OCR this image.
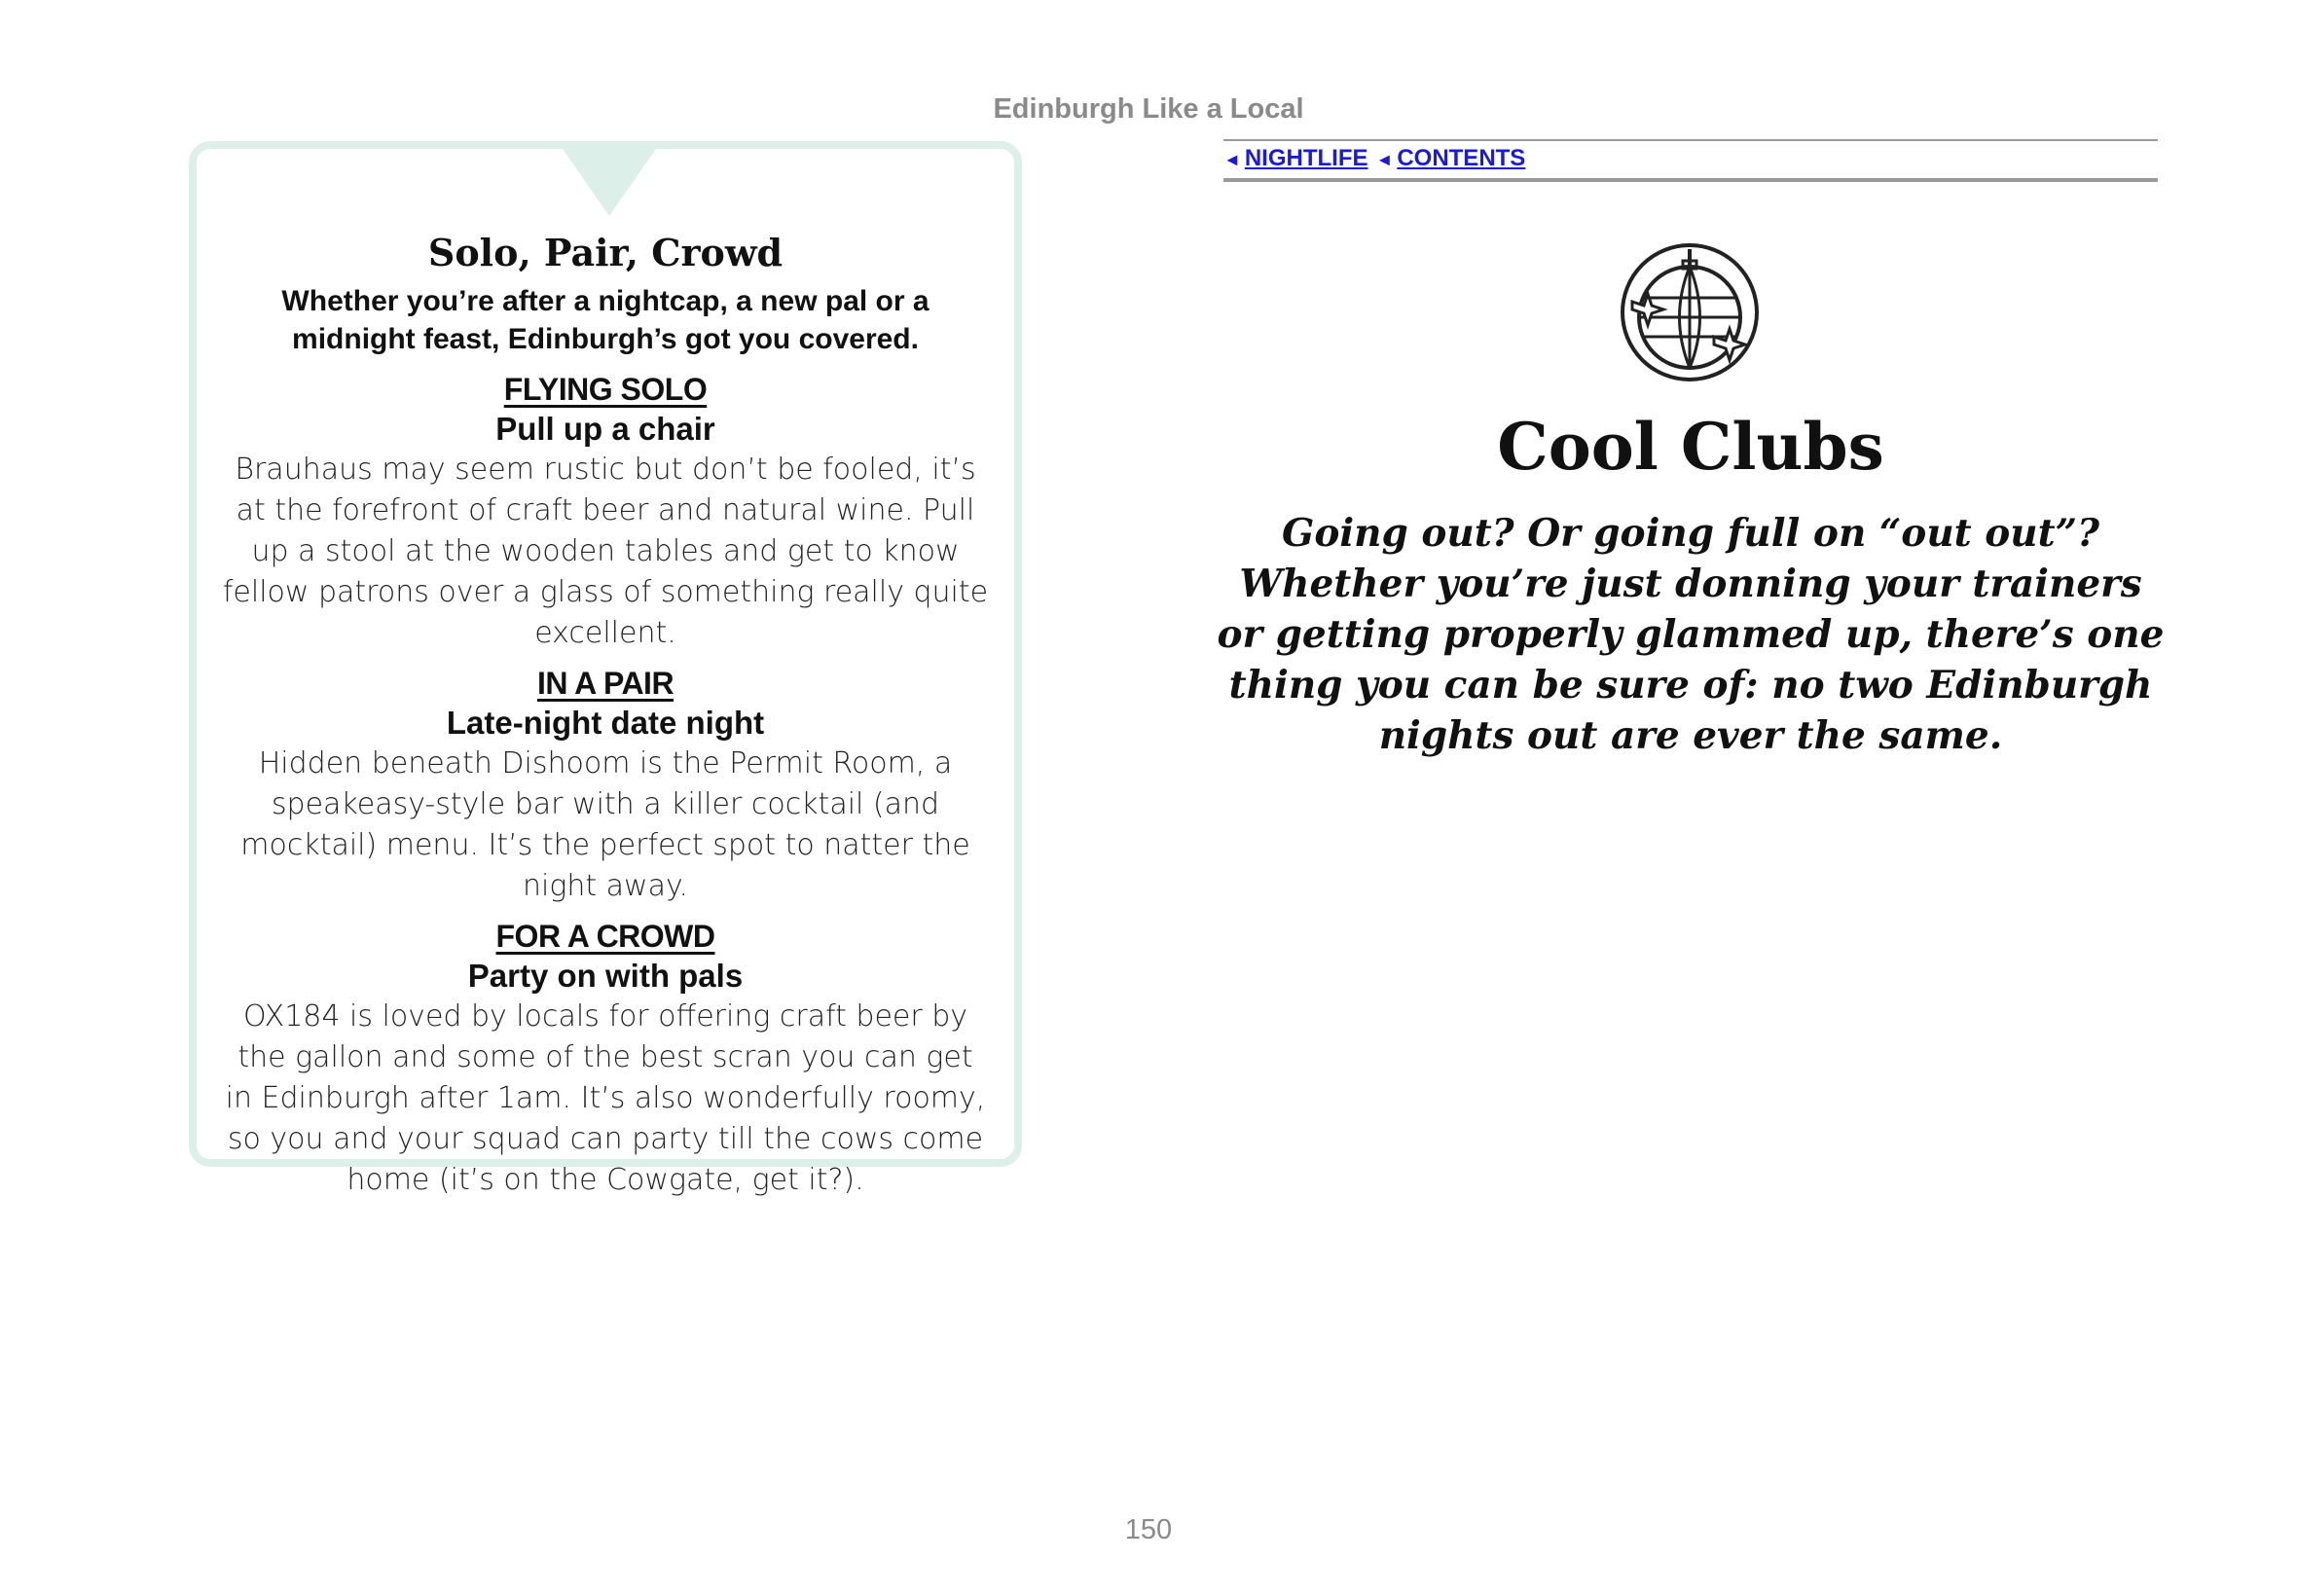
Edinburgh Like a Local
Solo, Pair, Crowd

Whether you’re after a nightcap, a new pal or a midnight feast, Edinburgh’s got you covered.

FLYING SOLO
Pull up a chair

Brauhaus may seem rustic but don’t be fooled, it’s at the forefront of craft beer and natural wine. Pull up a stool at the wooden tables and get to know fellow patrons over a glass of something really quite excellent.

IN A PAIR
Late-night date night

Hidden beneath Dishoom is the Permit Room, a speakeasy-style bar with a killer cocktail (and mocktail) menu. It’s the perfect spot to natter the night away.

FOR A CROWD
Party on with pals

OX184 is loved by locals for offering craft beer by the gallon and some of the best scran you can get in Edinburgh after 1am. It’s also wonderfully roomy, so you and your squad can party till the cows come home (it’s on the Cowgate, get it?).

◄ NIGHTLIFE ◄ CONTENTS
Cool Clubs

Going out? Or going full on “out out”? Whether you’re just donning your trainers or getting properly glammed up, there’s one thing you can be sure of: no two Edinburgh nights out are ever the same.

150
